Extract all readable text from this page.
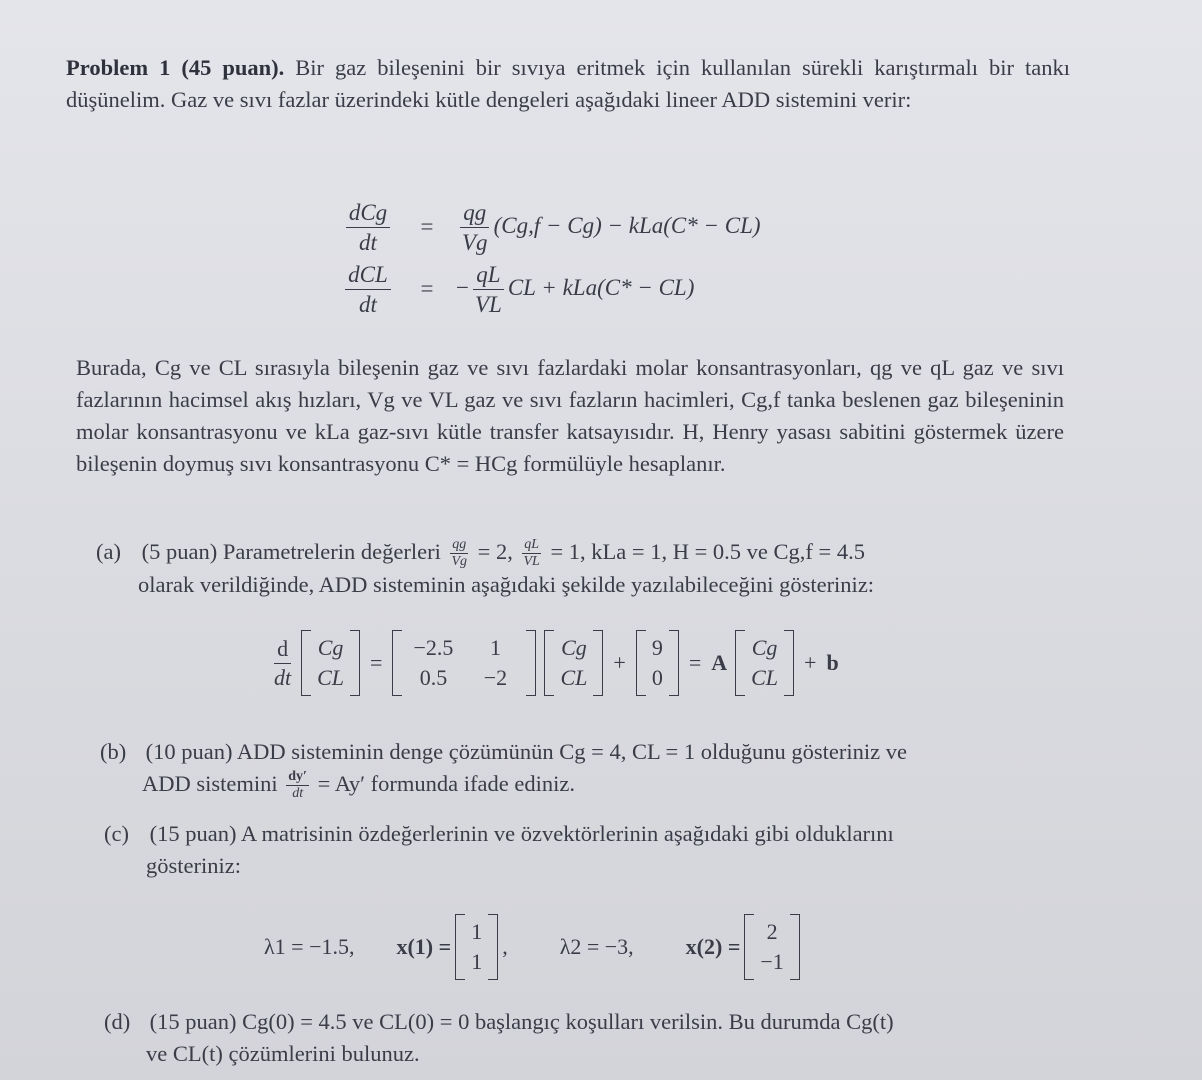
Problem 1 (45 puan). Bir gaz bileşenini bir sıvıya eritmek için kullanılan sürekli karıştırmalı bir tankı düşünelim. Gaz ve sıvı fazlar üzerindeki kütle dengeleri aşağıdaki lineer ADD sistemini verir:
$\frac{\text{dCg}}{dt}$	=	$\frac{qg}{Vg} (Cg,f - Cg) - kLa(C* - CL)$
$\frac{\text{dCL}}{dt}$	= − $\frac{qL}{VL}$ CL + kLa(C* − CL)
Burada, Cg ve CL sırasıyla bileşenin gaz ve sıvı fazlardaki molar konsantrasyonları, qg ve qL gaz ve sıvı fazlarının hacimsel akış hızları, Vg ve VL gaz ve sıvı fazların hacimleri, Cg,f tanka beslenen gaz bileşeninin molar konsantrasyonu ve kLa gaz-sıvı kütle transfer katsayısıdır. H, Henry yasası sabitini göstermek üzere bileşenin doymuş sıvı konsantrasyonu C* = HCg formülüyle hesaplanır.
(a) (5 puan) Parametrelerin değerleri $\frac{qg}{Vg} = 2$, $\frac{qL}{VL} = 1$, kLa = 1, H = 0.5 ve Cg,f = 4.5
olarak verildiğinde, ADD sisteminin aşağıdaki şekilde yazılabileceğini gösteriniz:
$\frac{d}{dt}$ Cg
CL
=
−2.5	1
0.5	−2
Cg
CL
+
9
0
= A
Cg
CL
+ b
(b) (10 puan) ADD sisteminin denge çözümünün Cg = 4, CL = 1 olduğunu gösteriniz ve
ADD sistemini $\frac{dy'}{dt} = Ay'$ formunda ifade ediniz.
(c) (15 puan) A matrisinin özdeğerlerinin ve özvektörlerinin aşağıdaki gibi olduklarını
gösteriniz:
λ1 = −1.5, x(1) =
1
1
, λ2 = −3, x(2) =
2
−1
(d) (15 puan) Cg(0) = 4.5 ve CL(0) = 0 başlangıç koşulları verilsin. Bu durumda Cg(t)
ve CL(t) çözümlerini bulunuz.
